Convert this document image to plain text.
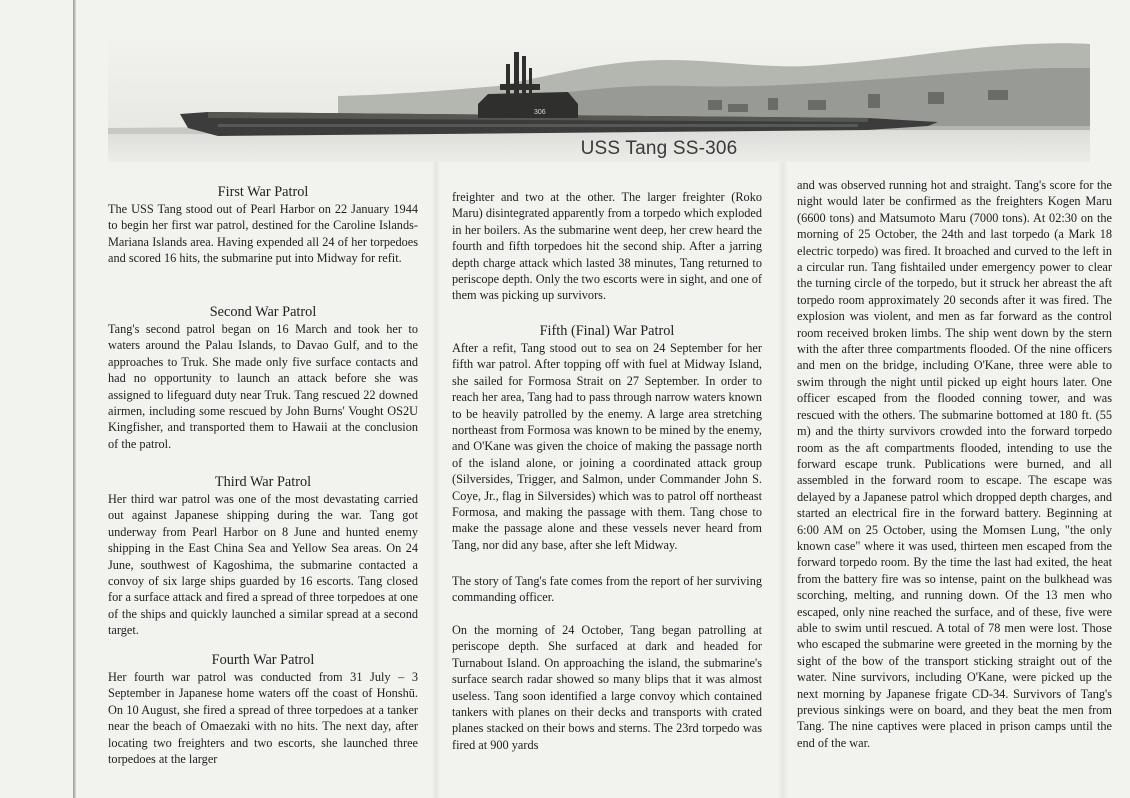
306
USS Tang SS-306
First War Patrol

The USS Tang stood out of Pearl Harbor on 22 January 1944 to begin her first war patrol, destined for the Caroline Islands-Mariana Islands area. Having expended all 24 of her torpedoes and scored 16 hits, the submarine put into Midway for refit.

Second War Patrol

Tang's second patrol began on 16 March and took her to waters around the Palau Islands, to Davao Gulf, and to the approaches to Truk. She made only five surface contacts and had no opportunity to launch an attack before she was assigned to lifeguard duty near Truk. Tang rescued 22 downed airmen, including some rescued by John Burns' Vought OS2U Kingfisher, and transported them to Hawaii at the conclusion of the patrol.

Third War Patrol

Her third war patrol was one of the most devastating carried out against Japanese shipping during the war. Tang got underway from Pearl Harbor on 8 June and hunted enemy shipping in the East China Sea and Yellow Sea areas. On 24 June, southwest of Kagoshima, the submarine contacted a convoy of six large ships guarded by 16 escorts. Tang closed for a surface attack and fired a spread of three torpedoes at one of the ships and quickly launched a similar spread at a second target.

Fourth War Patrol

Her fourth war patrol was conducted from 31 July – 3 September in Japanese home waters off the coast of Honshū. On 10 August, she fired a spread of three torpedoes at a tanker near the beach of Omaezaki with no hits. The next day, after locating two freighters and two escorts, she launched three torpedoes at the larger

freighter and two at the other. The larger freighter (Roko Maru) disintegrated apparently from a torpedo which exploded in her boilers. As the submarine went deep, her crew heard the fourth and fifth torpedoes hit the second ship. After a jarring depth charge attack which lasted 38 minutes, Tang returned to periscope depth. Only the two escorts were in sight, and one of them was picking up survivors.

Fifth (Final) War Patrol

After a refit, Tang stood out to sea on 24 September for her fifth war patrol. After topping off with fuel at Midway Island, she sailed for Formosa Strait on 27 September. In order to reach her area, Tang had to pass through narrow waters known to be heavily patrolled by the enemy. A large area stretching northeast from Formosa was known to be mined by the enemy, and O'Kane was given the choice of making the passage north of the island alone, or joining a coordinated attack group (Silversides, Trigger, and Salmon, under Commander John S. Coye, Jr., flag in Silversides) which was to patrol off northeast Formosa, and making the passage with them. Tang chose to make the passage alone and these vessels never heard from Tang, nor did any base, after she left Midway.

The story of Tang's fate comes from the report of her surviving commanding officer.

On the morning of 24 October, Tang began patrolling at periscope depth. She surfaced at dark and headed for Turnabout Island. On approaching the island, the submarine's surface search radar showed so many blips that it was almost useless. Tang soon identified a large convoy which contained tankers with planes on their decks and transports with crated planes stacked on their bows and sterns. The 23rd torpedo was fired at 900 yards

and was observed running hot and straight. Tang's score for the night would later be confirmed as the freighters Kogen Maru (6600 tons) and Matsumoto Maru (7000 tons). At 02:30 on the morning of 25 October, the 24th and last torpedo (a Mark 18 electric torpedo) was fired. It broached and curved to the left in a circular run. Tang fishtailed under emergency power to clear the turning circle of the torpedo, but it struck her abreast the aft torpedo room approximately 20 seconds after it was fired. The explosion was violent, and men as far forward as the control room received broken limbs. The ship went down by the stern with the after three compartments flooded. Of the nine officers and men on the bridge, including O'Kane, three were able to swim through the night until picked up eight hours later. One officer escaped from the flooded conning tower, and was rescued with the others. The submarine bottomed at 180 ft. (55 m) and the thirty survivors crowded into the forward torpedo room as the aft compartments flooded, intending to use the forward escape trunk. Publications were burned, and all assembled in the forward room to escape. The escape was delayed by a Japanese patrol which dropped depth charges, and started an electrical fire in the forward battery. Beginning at 6:00 AM on 25 October, using the Momsen Lung, "the only known case" where it was used, thirteen men escaped from the forward torpedo room. By the time the last had exited, the heat from the battery fire was so intense, paint on the bulkhead was scorching, melting, and running down. Of the 13 men who escaped, only nine reached the surface, and of these, five were able to swim until rescued. A total of 78 men were lost. Those who escaped the submarine were greeted in the morning by the sight of the bow of the transport sticking straight out of the water. Nine survivors, including O'Kane, were picked up the next morning by Japanese frigate CD-34. Survivors of Tang's previous sinkings were on board, and they beat the men from Tang. The nine captives were placed in prison camps until the end of the war.
